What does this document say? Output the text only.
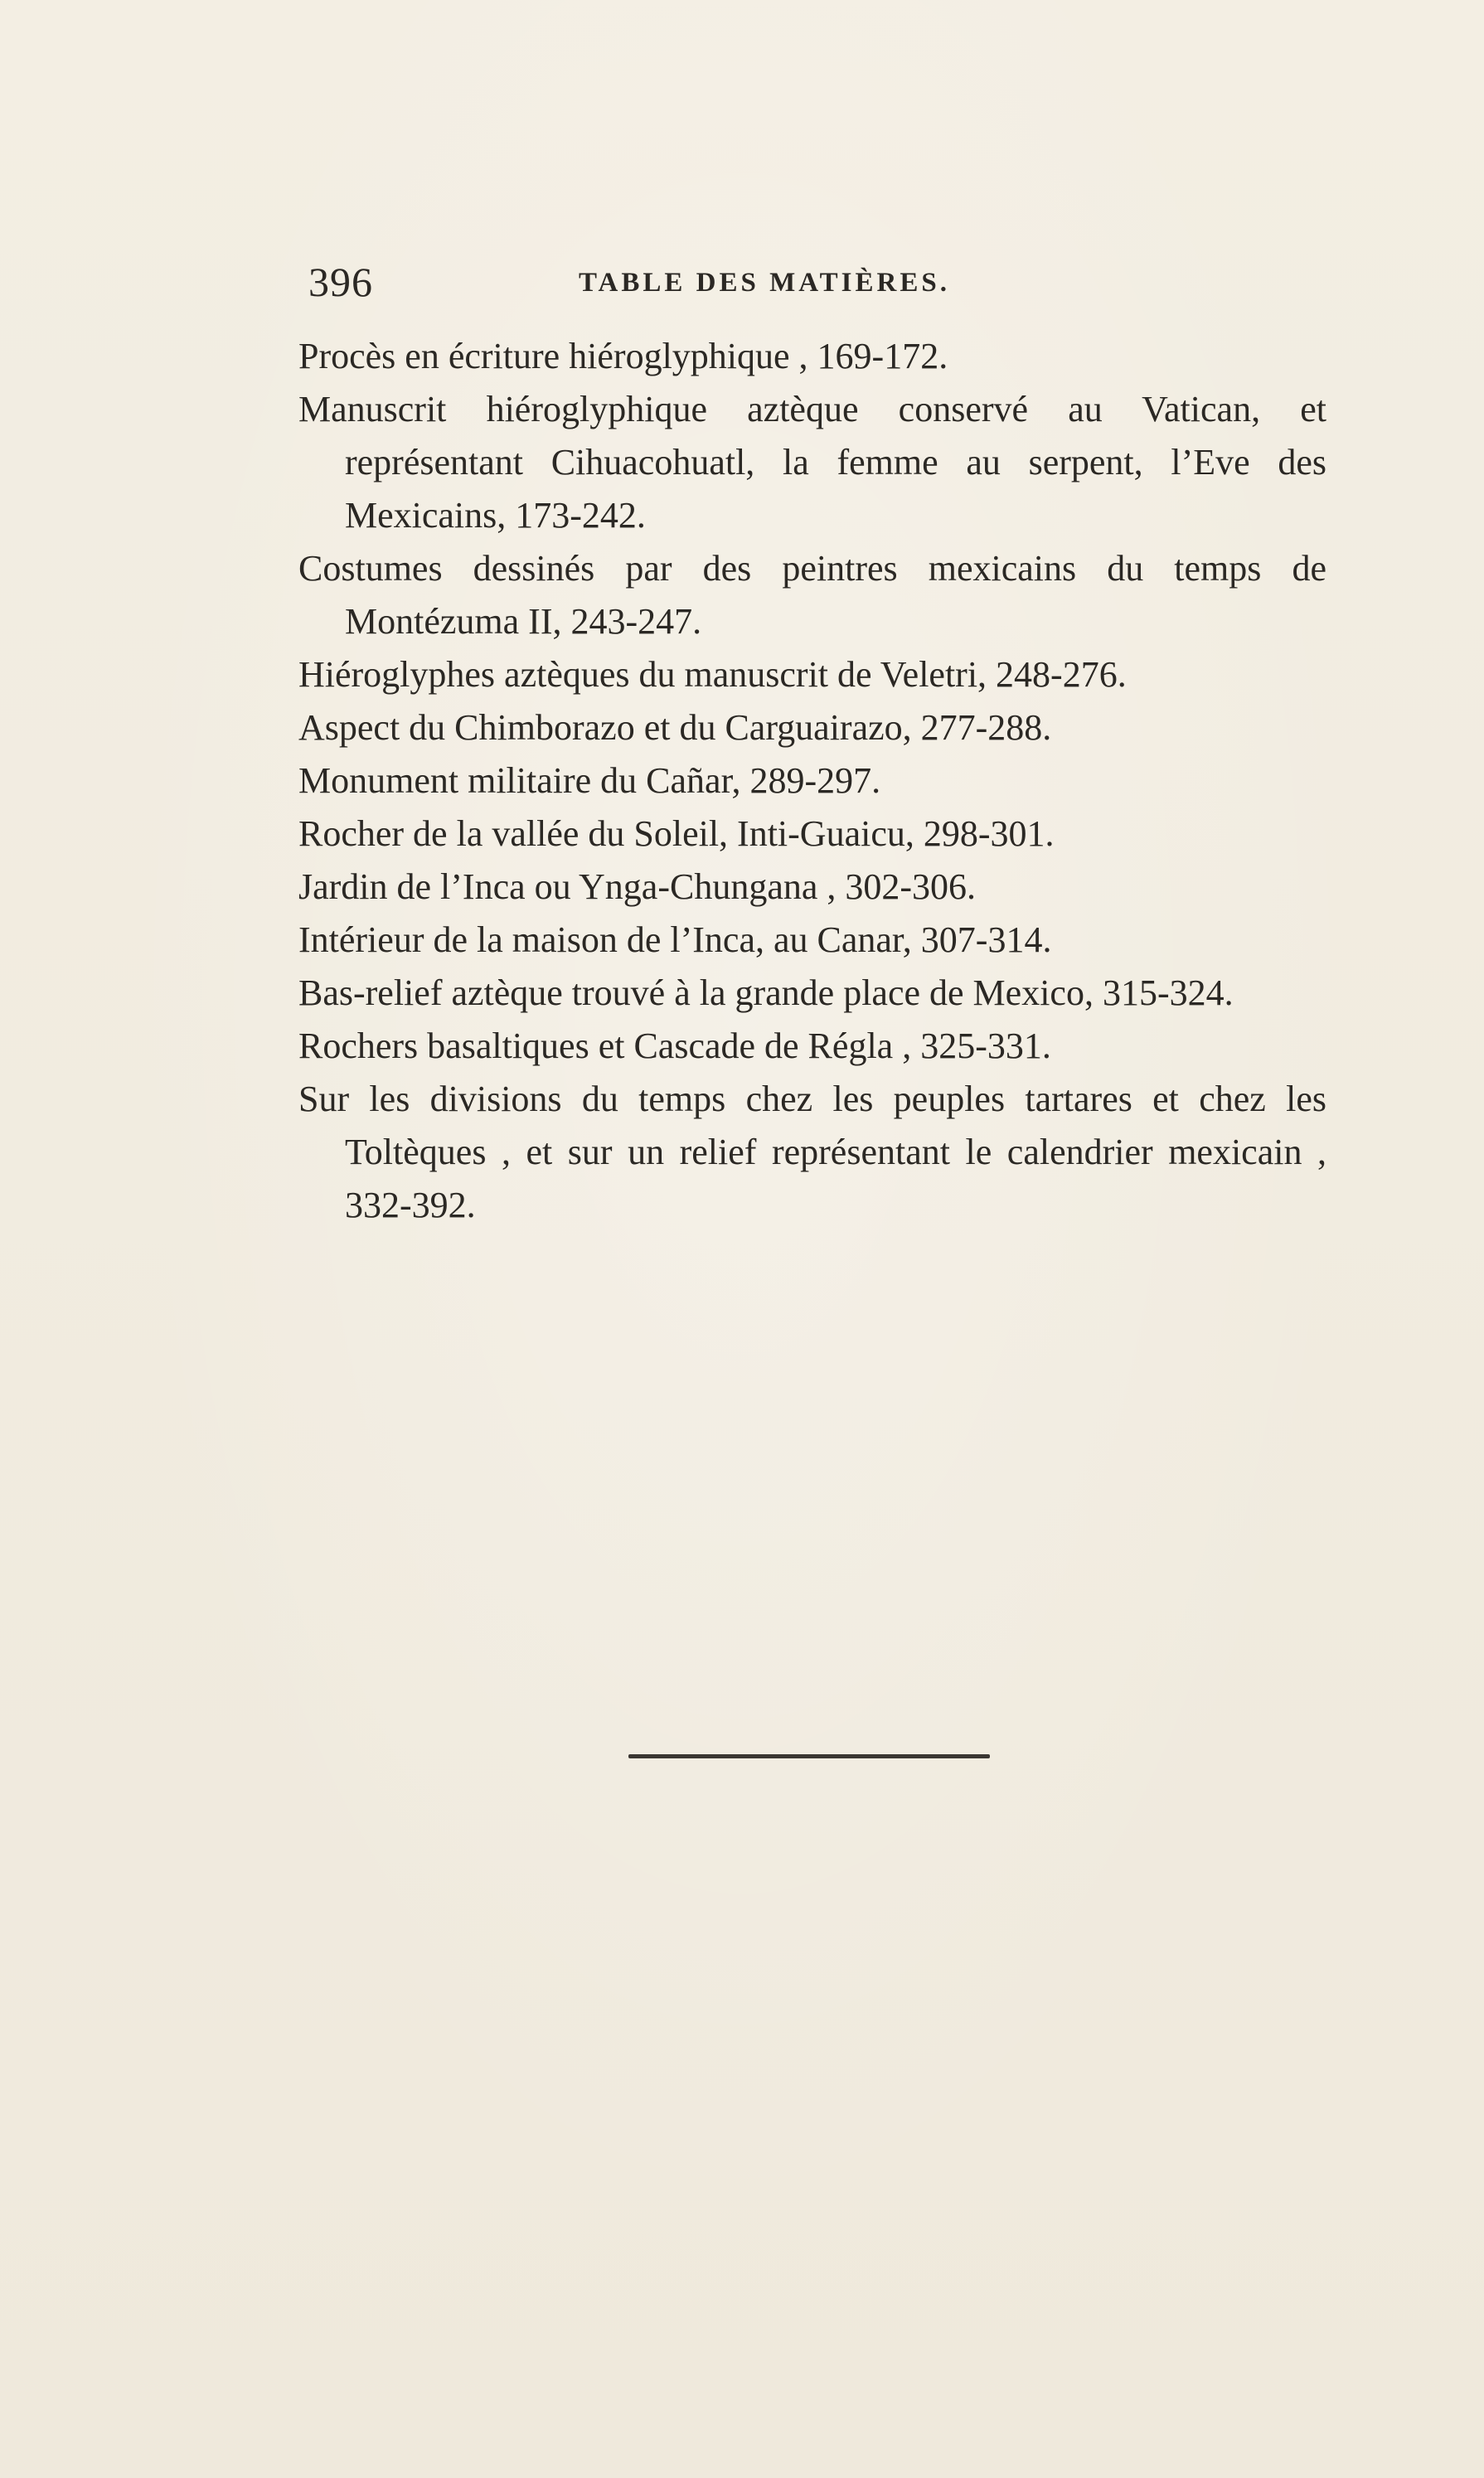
396	TABLE DES MATIÈRES.
Procès en écriture hiéroglyphique , 169-172.
Manuscrit hiéroglyphique aztèque conservé au Vatican, et représentant Cihuacohuatl, la femme au serpent, l’Eve des Mexicains, 173-242.
Costumes dessinés par des peintres mexicains du temps de Montézuma II, 243-247.
Hiéroglyphes aztèques du manuscrit de Veletri, 248-276.
Aspect du Chimborazo et du Carguairazo, 277-288.
Monument militaire du Cañar, 289-297.
Rocher de la vallée du Soleil, Inti-Guaicu, 298-301.
Jardin de l’Inca ou Ynga-Chungana , 302-306.
Intérieur de la maison de l’Inca, au Canar, 307-314.
Bas-relief aztèque trouvé à la grande place de Mexico, 315-324.
Rochers basaltiques et Cascade de Régla , 325-331.
Sur les divisions du temps chez les peuples tartares et chez les Toltèques , et sur un relief représentant le calendrier mexicain , 332-392.
